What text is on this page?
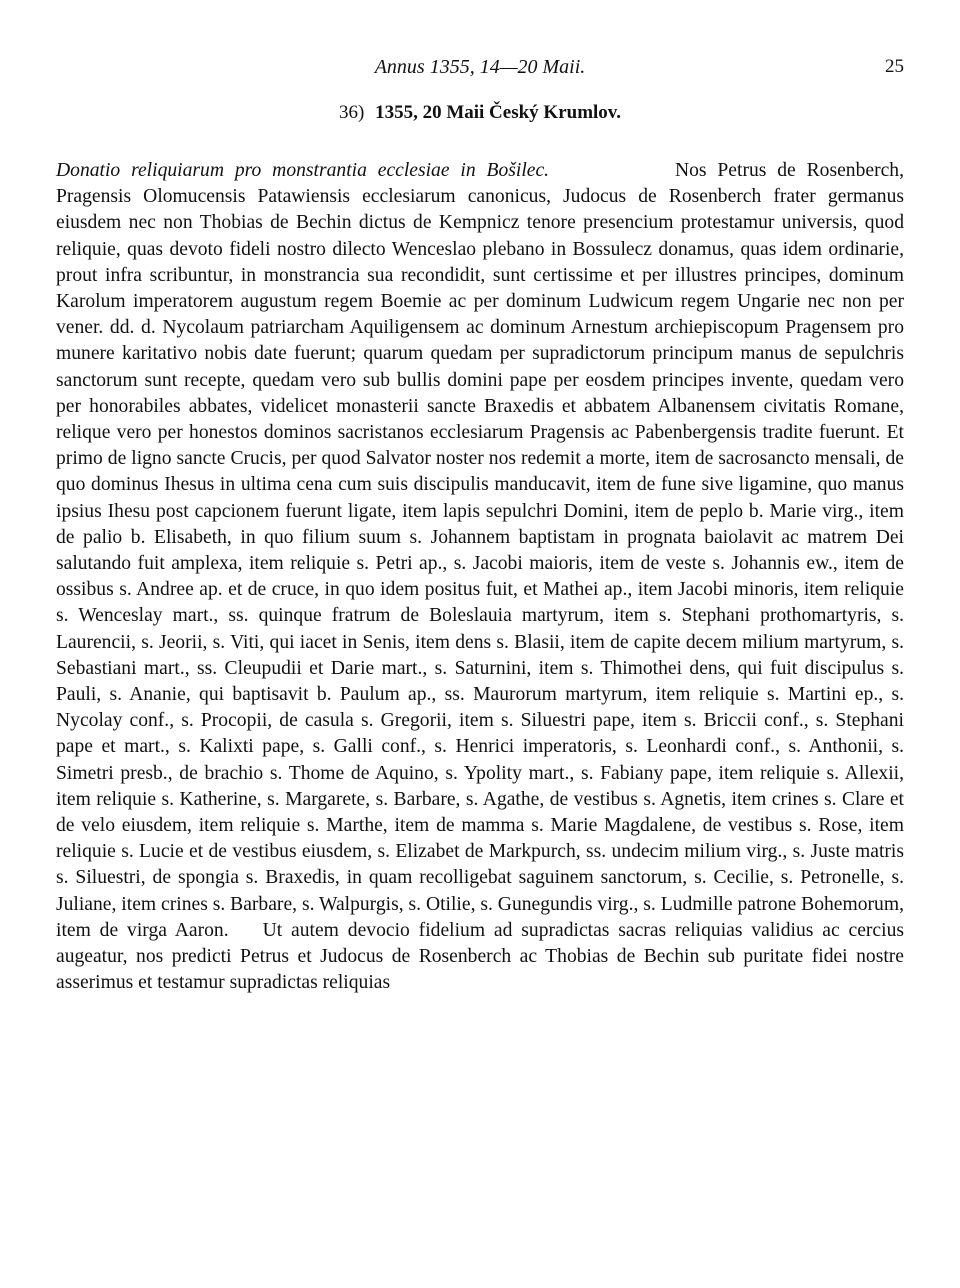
Annus 1355, 14—20 Maii.	25
36) 1355, 20 Maii Český Krumlov.
Donatio reliquiarum pro monstrantia ecclesiae in Bošilec.	Nos Petrus de Rosenberch, Pragensis Olomucensis Patawiensis ecclesiarum canonicus, Judocus de Rosenberch frater germanus eiusdem nec non Thobias de Bechin dictus de Kempnicz tenore presencium protestamur universis, quod reliquie, quas devoto fideli nostro dilecto Wenceslao plebano in Bossulecz donamus, quas idem ordinarie, prout infra scribuntur, in monstrancia sua recondidit, sunt certissime et per illustres principes, dominum Karolum imperatorem augustum regem Boemie ac per dominum Ludwicum regem Ungarie nec non per vener. dd. d. Nycolaum patriarcham Aquiligensem ac dominum Arnestum archiepiscopum Pragensem pro munere karitativo nobis date fuerunt; quarum quedam per supradictorum principum manus de sepulchris sanctorum sunt recepte, quedam vero sub bullis domini pape per eosdem principes invente, quedam vero per honorabiles abbates, videlicet monasterii sancte Braxedis et abbatem Albanensem civitatis Romane, relique vero per honestos dominos sacristanos ecclesiarum Pragensis ac Pabenbergensis tradite fuerunt. Et primo de ligno sancte Crucis, per quod Salvator noster nos redemit a morte, item de sacrosancto mensali, de quo dominus Ihesus in ultima cena cum suis discipulis manducavit, item de fune sive ligamine, quo manus ipsius Ihesu post capcionem fuerunt ligate, item lapis sepulchri Domini, item de peplo b. Marie virg., item de palio b. Elisabeth, in quo filium suum s. Johannem baptistam in prognata baiolavit ac matrem Dei salutando fuit amplexa, item reliquie s. Petri ap., s. Jacobi maioris, item de veste s. Johannis ew., item de ossibus s. Andree ap. et de cruce, in quo idem positus fuit, et Mathei ap., item Jacobi minoris, item reliquie s. Wenceslay mart., ss. quinque fratrum de Boleslauia martyrum, item s. Stephani prothomartyris, s. Laurencii, s. Jeorii, s. Viti, qui iacet in Senis, item dens s. Blasii, item de capite decem milium martyrum, s. Sebastiani mart., ss. Cleupudii et Darie mart., s. Saturnini, item s. Thimothei dens, qui fuit discipulus s. Pauli, s. Ananie, qui baptisavit b. Paulum ap., ss. Maurorum martyrum, item reliquie s. Martini ep., s. Nycolay conf., s. Procopii, de casula s. Gregorii, item s. Siluestri pape, item s. Briccii conf., s. Stephani pape et mart., s. Kalixti pape, s. Galli conf., s. Henrici imperatoris, s. Leonhardi conf., s. Anthonii, s. Simetri presb., de brachio s. Thome de Aquino, s. Ypolity mart., s. Fabiany pape, item reliquie s. Allexii, item reliquie s. Katherine, s. Margarete, s. Barbare, s. Agathe, de vestibus s. Agnetis, item crines s. Clare et de velo eiusdem, item reliquie s. Marthe, item de mamma s. Marie Magdalene, de vestibus s. Rose, item reliquie s. Lucie et de vestibus eiusdem, s. Elizabet de Markpurch, ss. undecim milium virg., s. Juste matris s. Siluestri, de spongia s. Braxedis, in quam recolligebat saguinem sanctorum, s. Cecilie, s. Petronelle, s. Juliane, item crines s. Barbare, s. Walpurgis, s. Otilie, s. Gunegundis virg., s. Ludmille patrone Bohemorum, item de virga Aaron. Ut autem devocio fidelium ad supradictas sacras reliquias validius ac cercius augeatur, nos predicti Petrus et Judocus de Rosenberch ac Thobias de Bechin sub puritate fidei nostre asserimus et testamur supradictas reliquias
